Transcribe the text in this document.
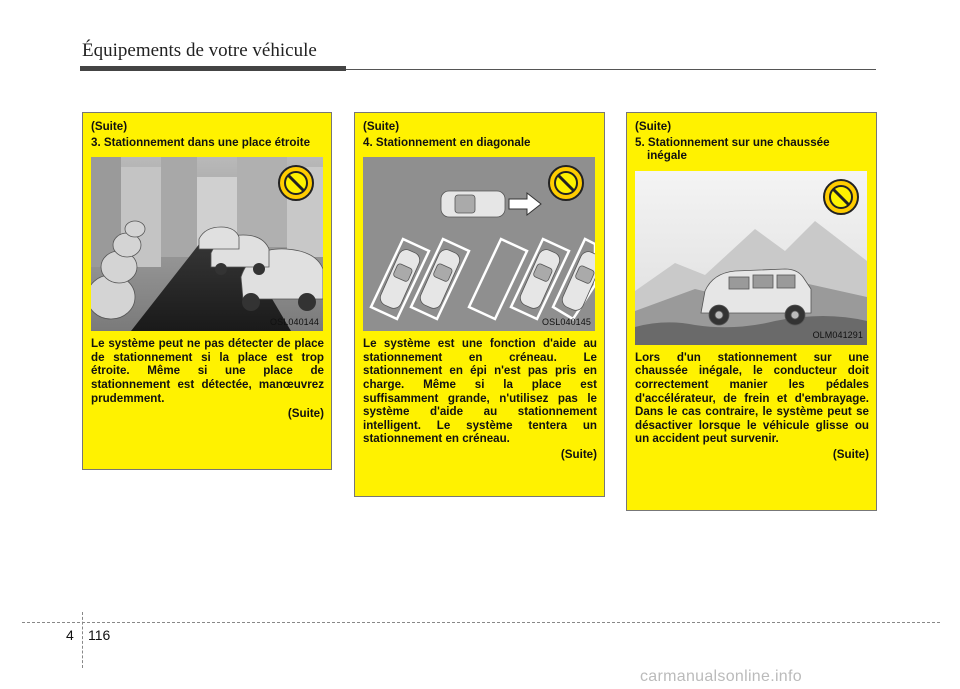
Équipements de votre véhicule

(Suite)

3. Stationnement dans une place étroite

OSL040144

Le système peut ne pas détecter de place de stationnement si la place est trop étroite. Même si une place de stationnement est détectée, manœuvrez prudemment.

(Suite)

(Suite)

4. Stationnement en diagonale

OSL040145

Le système est une fonction d'aide au stationnement en créneau. Le stationnement en épi n'est pas pris en charge. Même si la place est suffisamment grande, n'utilisez pas le système d'aide au stationnement intelligent. Le système tentera un stationnement en créneau.

(Suite)

(Suite)

5. Stationnement sur une chaussée inégale

OLM041291

Lors d'un stationnement sur une chaussée inégale, le conducteur doit correctement manier les pédales d'accélérateur, de frein et d'embrayage. Dans le cas contraire, le système peut se désactiver lorsque le véhicule glisse ou un accident peut survenir.

(Suite)

4 116
carmanualsonline.info
